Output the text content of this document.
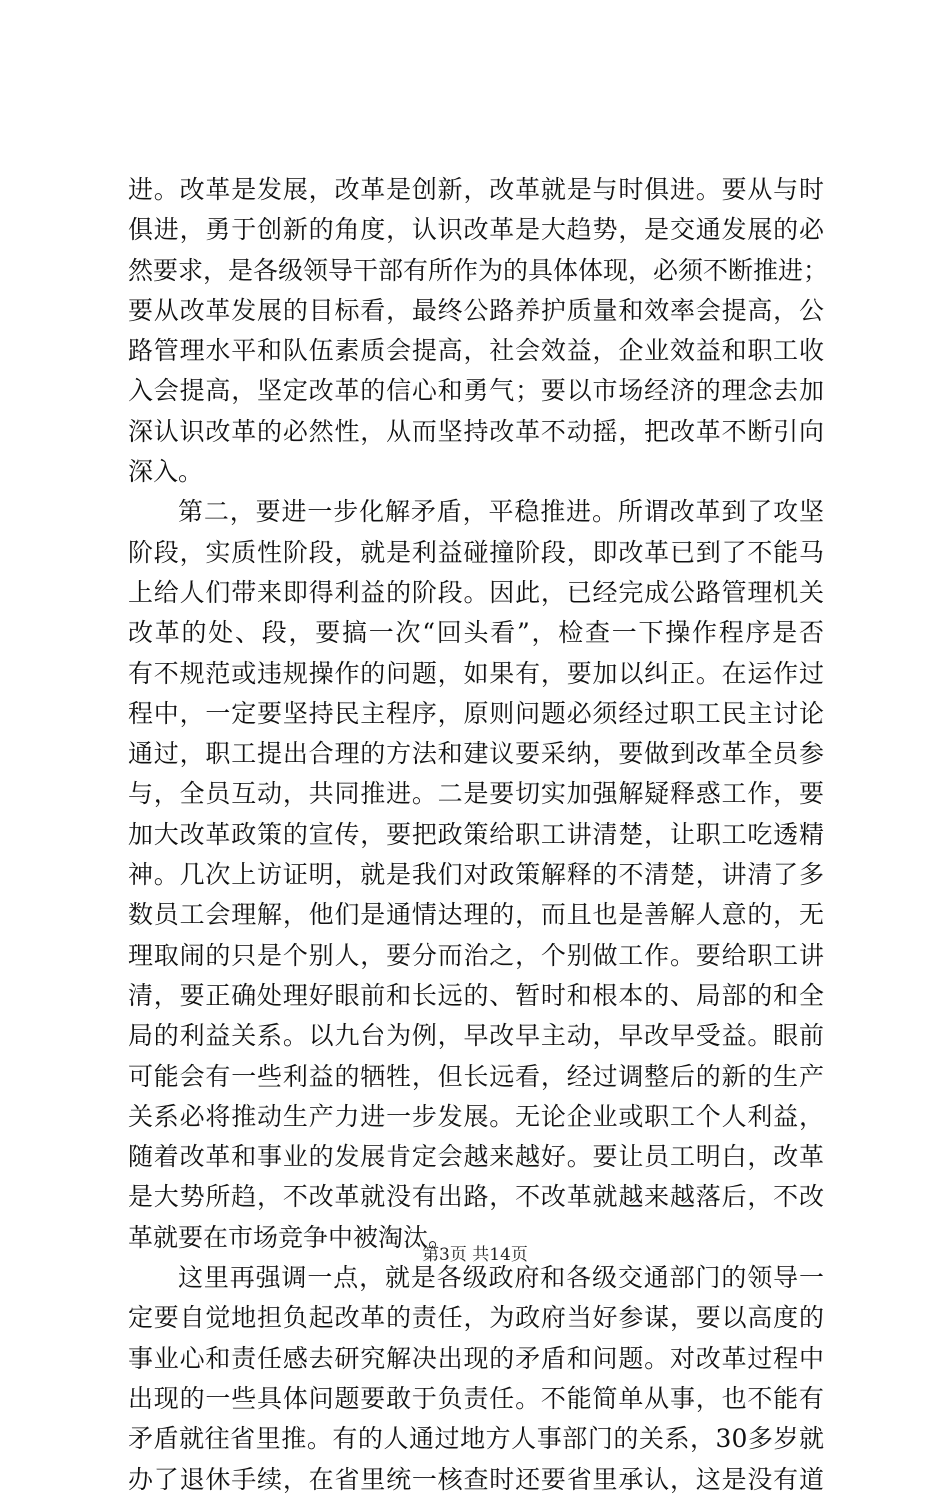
进。改革是发展，改革是创新，改革就是与时俱进。要从与时
俱进，勇于创新的角度，认识改革是大趋势，是交通发展的必
然要求，是各级领导干部有所作为的具体体现，必须不断推进；
要从改革发展的目标看，最终公路养护质量和效率会提高，公
路管理水平和队伍素质会提高，社会效益，企业效益和职工收
入会提高，坚定改革的信心和勇气；要以市场经济的理念去加
深认识改革的必然性，从而坚持改革不动摇，把改革不断引向
深入。
第二，要进一步化解矛盾，平稳推进。所谓改革到了攻坚
阶段，实质性阶段，就是利益碰撞阶段，即改革已到了不能马
上给人们带来即得利益的阶段。因此，已经完成公路管理机关
改革的处、段，要搞一次“回头看”，检查一下操作程序是否
有不规范或违规操作的问题，如果有，要加以纠正。在运作过
程中，一定要坚持民主程序，原则问题必须经过职工民主讨论
通过，职工提出合理的方法和建议要采纳，要做到改革全员参
与，全员互动，共同推进。二是要切实加强解疑释惑工作，要
加大改革政策的宣传，要把政策给职工讲清楚，让职工吃透精
神。几次上访证明，就是我们对政策解释的不清楚，讲清了多
数员工会理解，他们是通情达理的，而且也是善解人意的，无
理取闹的只是个别人，要分而治之，个别做工作。要给职工讲
清，要正确处理好眼前和长远的、暂时和根本的、局部的和全
局的利益关系。以九台为例，早改早主动，早改早受益。眼前
可能会有一些利益的牺牲，但长远看，经过调整后的新的生产
关系必将推动生产力进一步发展。无论企业或职工个人利益，
随着改革和事业的发展肯定会越来越好。要让员工明白，改革
是大势所趋，不改革就没有出路，不改革就越来越落后，不改
革就要在市场竞争中被淘汰。
这里再强调一点，就是各级政府和各级交通部门的领导一
定要自觉地担负起改革的责任，为政府当好参谋，要以高度的
事业心和责任感去研究解决出现的矛盾和问题。对改革过程中
出现的一些具体问题要敢于负责任。不能简单从事，也不能有
矛盾就往省里推。有的人通过地方人事部门的关系，30多岁就
办了退休手续，在省里统一核查时还要省里承认，这是没有道
第3页 共14页
